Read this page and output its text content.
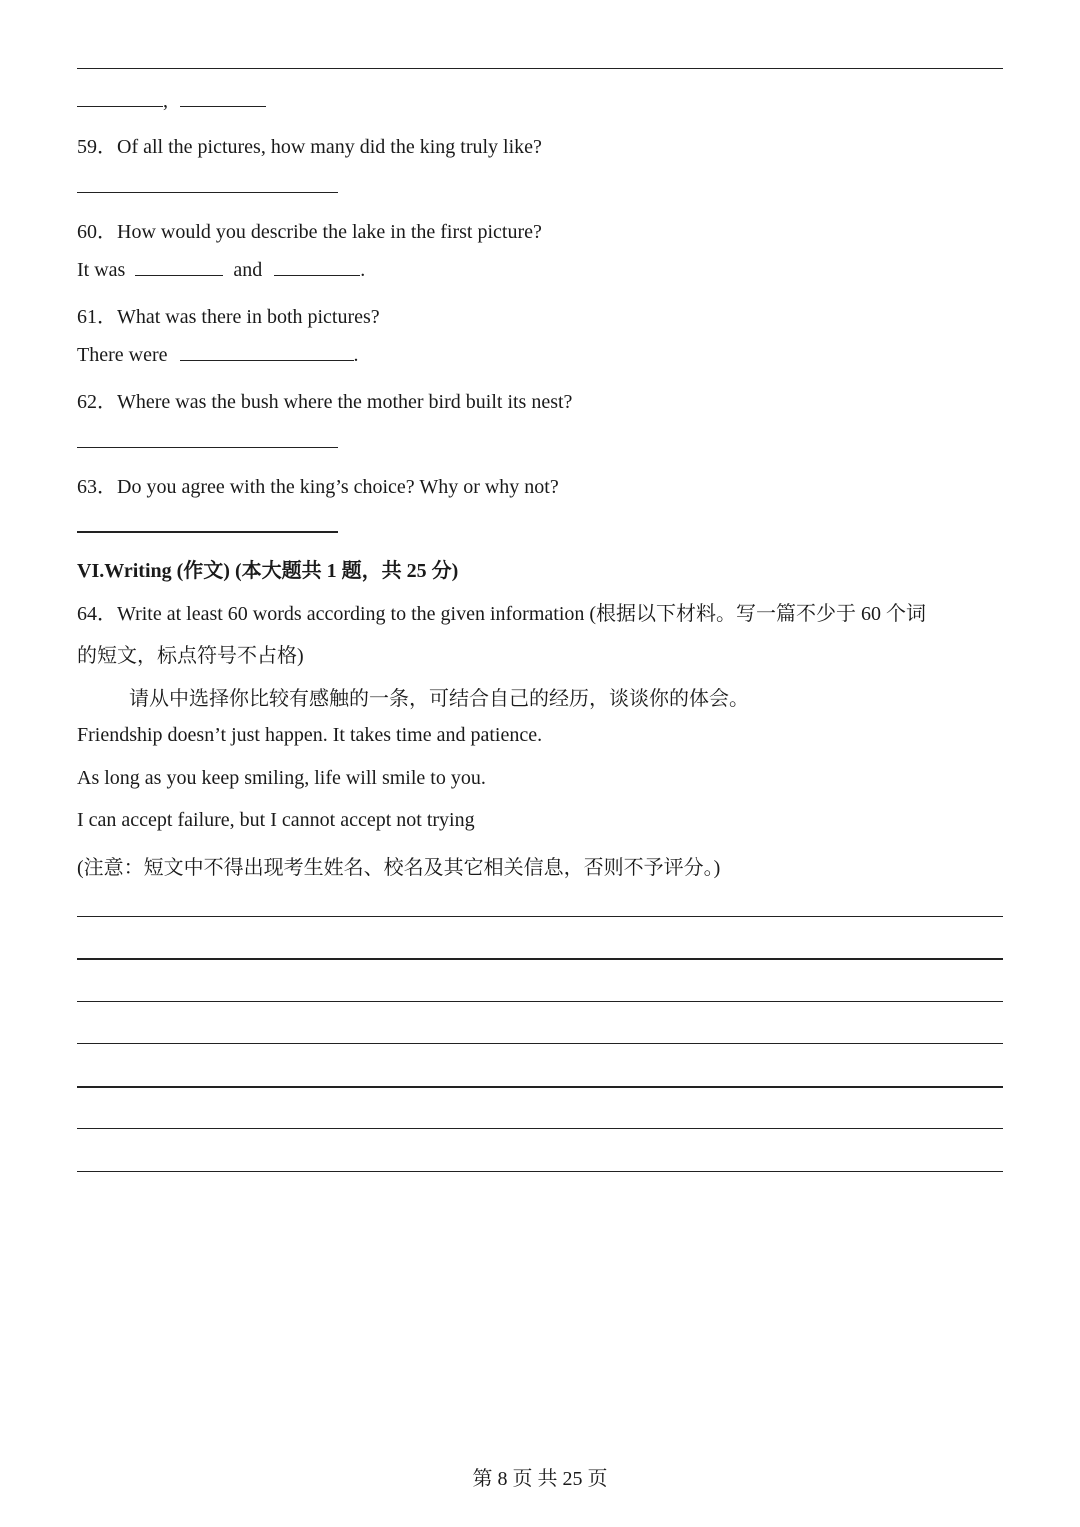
,
59．Of all the pictures, how many did the king truly like?
60．How would you describe the lake in the first picture?
It was	and	.
61．What was there in both pictures?
There were	.
62．Where was the bush where the mother bird built its nest?
63．Do you agree with the king’s choice? Why or why not?
VI.Writing (作文) (本大题共 1 题，共 25 分)
64．Write at least 60 words according to the given information (根据以下材料。写一篇不少于 60 个词
的短文，标点符号不占格)
请从中选择你比较有感触的一条，可结合自己的经历，谈谈你的体会。
Friendship doesn’t just happen. It takes time and patience.
As long as you keep smiling, life will smile to you.
I can accept failure, but I cannot accept not trying
(注意：短文中不得出现考生姓名、校名及其它相关信息，否则不予评分。)
第 8 页 共 25 页
